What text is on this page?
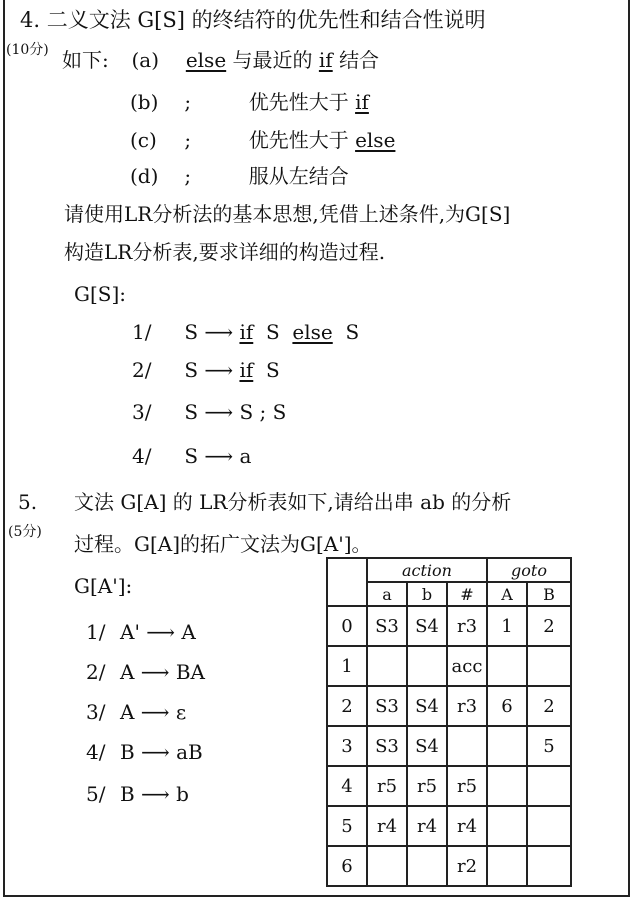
4. 二义文法 G[S] 的终结符的优先性和结合性说明
(10分) 如下: (a) else 与最近的 if 结合
(b) ;	优先性大于 if
(c) ;	优先性大于 else
(d) ;	服从左结合
请使用LR分析法的基本思想,凭借上述条件,为G[S]
构造LR分析表,要求详细的构造过程.
G[S]:
1/ S ⟶ if S else S
2/ S ⟶ if S
3/ S ⟶ S ; S
4/ S ⟶ a
5.
(5分)
文法 G[A] 的 LR分析表如下,请给出串 ab 的分析
过程。G[A]的拓广文法为G[A']。
G[A']:
1/ A' ⟶ A
2/ A ⟶ BA
3/ A ⟶ ε
4/ B ⟶ aB
5/ B ⟶ b
	action			goto	
	a	b	#	A	B
0	S3	S4	r3	1	2
1			acc		
2	S3	S4	r3	6	2
3	S3	S4			5
4	r5	r5	r5		
5	r4	r4	r4		
6			r2		
